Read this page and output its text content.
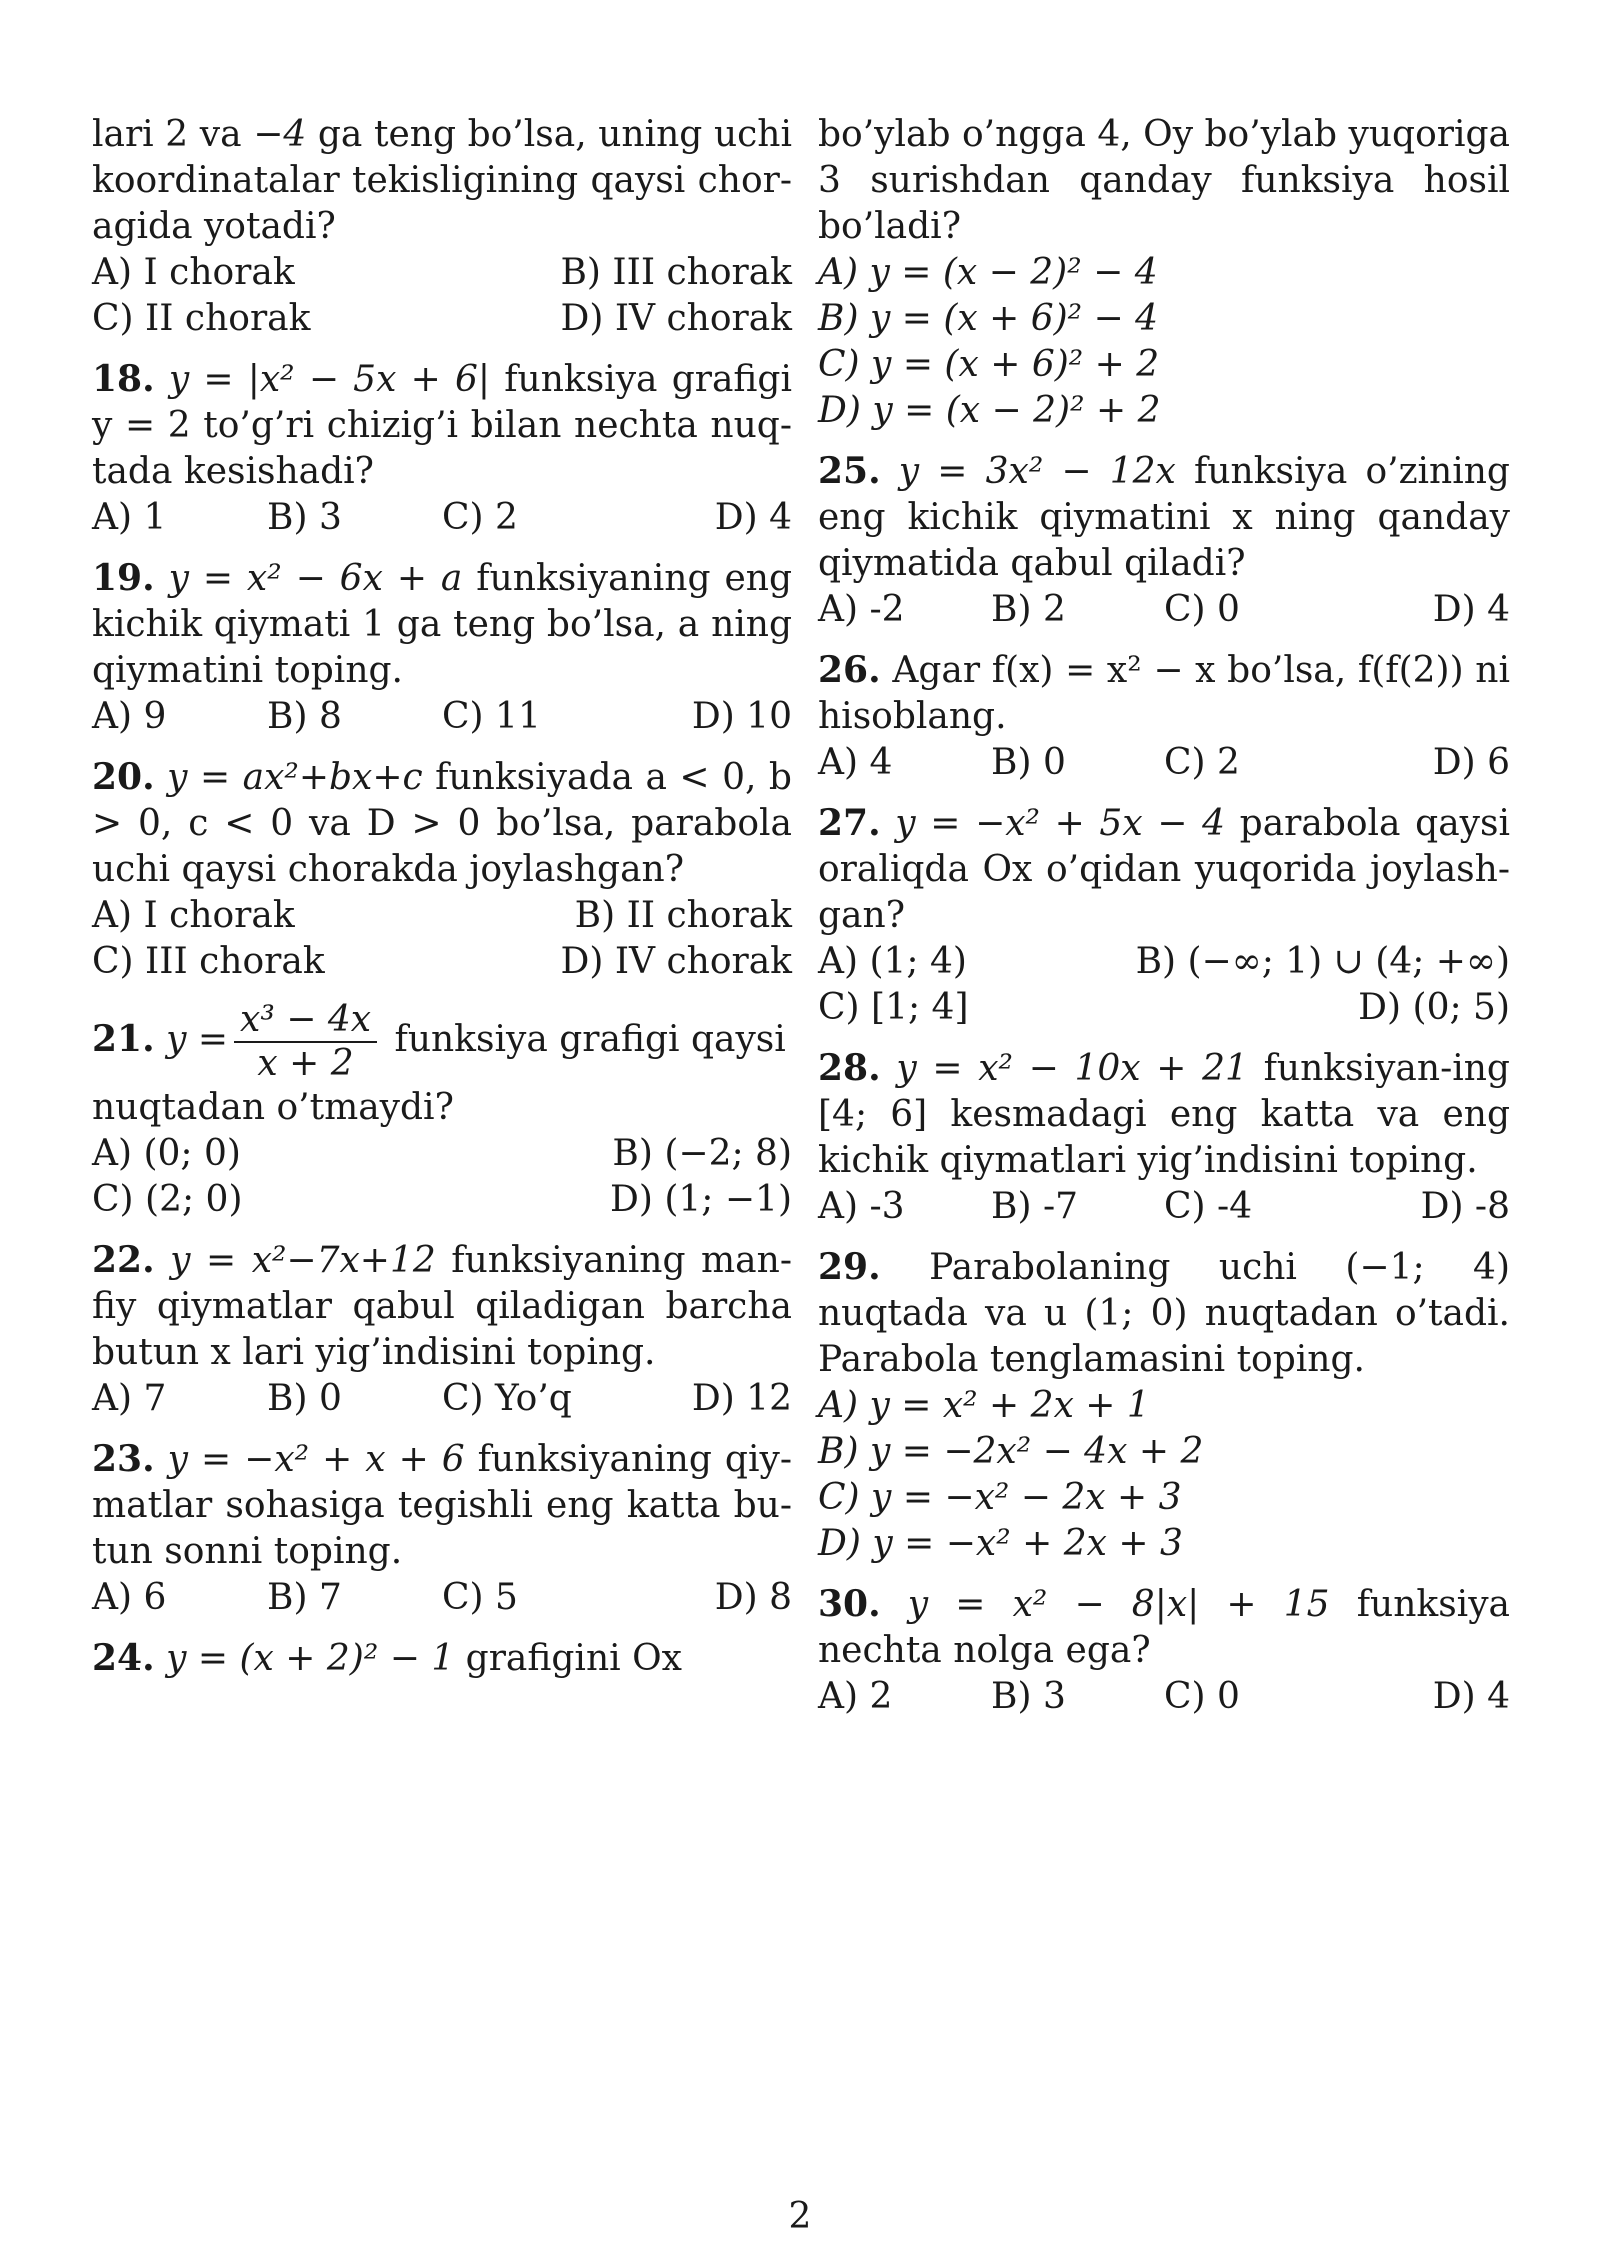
lari 2 va −4 ga teng bo’lsa, uning uchi koordinatalar tekisligining qaysi chor-agida yotadi?

A) I chorak	B) III chorak
C) II chorak	D) IV chorak

18. y = |x² − 5x + 6| funksiya grafigi y = 2 to’g’ri chizig’i bilan nechta nuq-tada kesishadi?

A) 1	B) 3	C) 2	D) 4

19. y = x² − 6x + a funksiyaning eng kichik qiymati 1 ga teng bo’lsa, a ning qiymatini toping.

A) 9	B) 8	C) 11	D) 10

20. y = ax²+bx+c funksiyada a < 0, b > 0, c < 0 va D > 0 bo’lsa, parabola uchi qaysi chorakda joylashgan?

A) I chorak	B) II chorak
C) III chorak	D) IV chorak

21. $y = \frac{\text{x³ − 4x}}{x + 2}$ funksiya grafigi qaysi

nuqtadan o’tmaydi?

A) (0; 0)	B) (−2; 8)
C) (2; 0)	D) (1; −1)

22. y = x²−7x+12 funksiyaning man-fiy qiymatlar qabul qiladigan barcha butun x lari yig’indisini toping.

A) 7	B) 0	C) Yo’q	D) 12

23. y = −x² + x + 6 funksiyaning qiy-matlar sohasiga tegishli eng katta bu-tun sonni toping.

A) 6	B) 7	C) 5	D) 8

24. y = (x + 2)² − 1 grafigini Ox

bo’ylab o’ngga 4, Oy bo’ylab yuqoriga 3 surishdan qanday funksiya hosil bo’ladi?

A) y = (x − 2)² − 4
B) y = (x + 6)² − 4
C) y = (x + 6)² + 2
D) y = (x − 2)² + 2

25. y = 3x² − 12x funksiya o’zining eng kichik qiymatini x ning qanday qiymatida qabul qiladi?

A) -2	B) 2	C) 0	D) 4

26. Agar f(x) = x² − x bo’lsa, f(f(2)) ni hisoblang.

A) 4	B) 0	C) 2	D) 6

27. y = −x² + 5x − 4 parabola qaysi oraliqda Ox o’qidan yuqorida joylash-gan?

A) (1; 4)	B) (−∞; 1) ∪ (4; +∞)
C) [1; 4]	D) (0; 5)

28. y = x² − 10x + 21 funksiyan-ing [4; 6] kesmadagi eng katta va eng kichik qiymatlari yig’indisini toping.

A) -3	B) -7	C) -4	D) -8

29. Parabolaning uchi (−1; 4) nuqtada va u (1; 0) nuqtadan o’tadi. Parabola tenglamasini toping.

A) y = x² + 2x + 1
B) y = −2x² − 4x + 2
C) y = −x² − 2x + 3
D) y = −x² + 2x + 3

30. y = x² − 8|x| + 15 funksiya nechta nolga ega?

A) 2	B) 3	C) 0	D) 4
2
